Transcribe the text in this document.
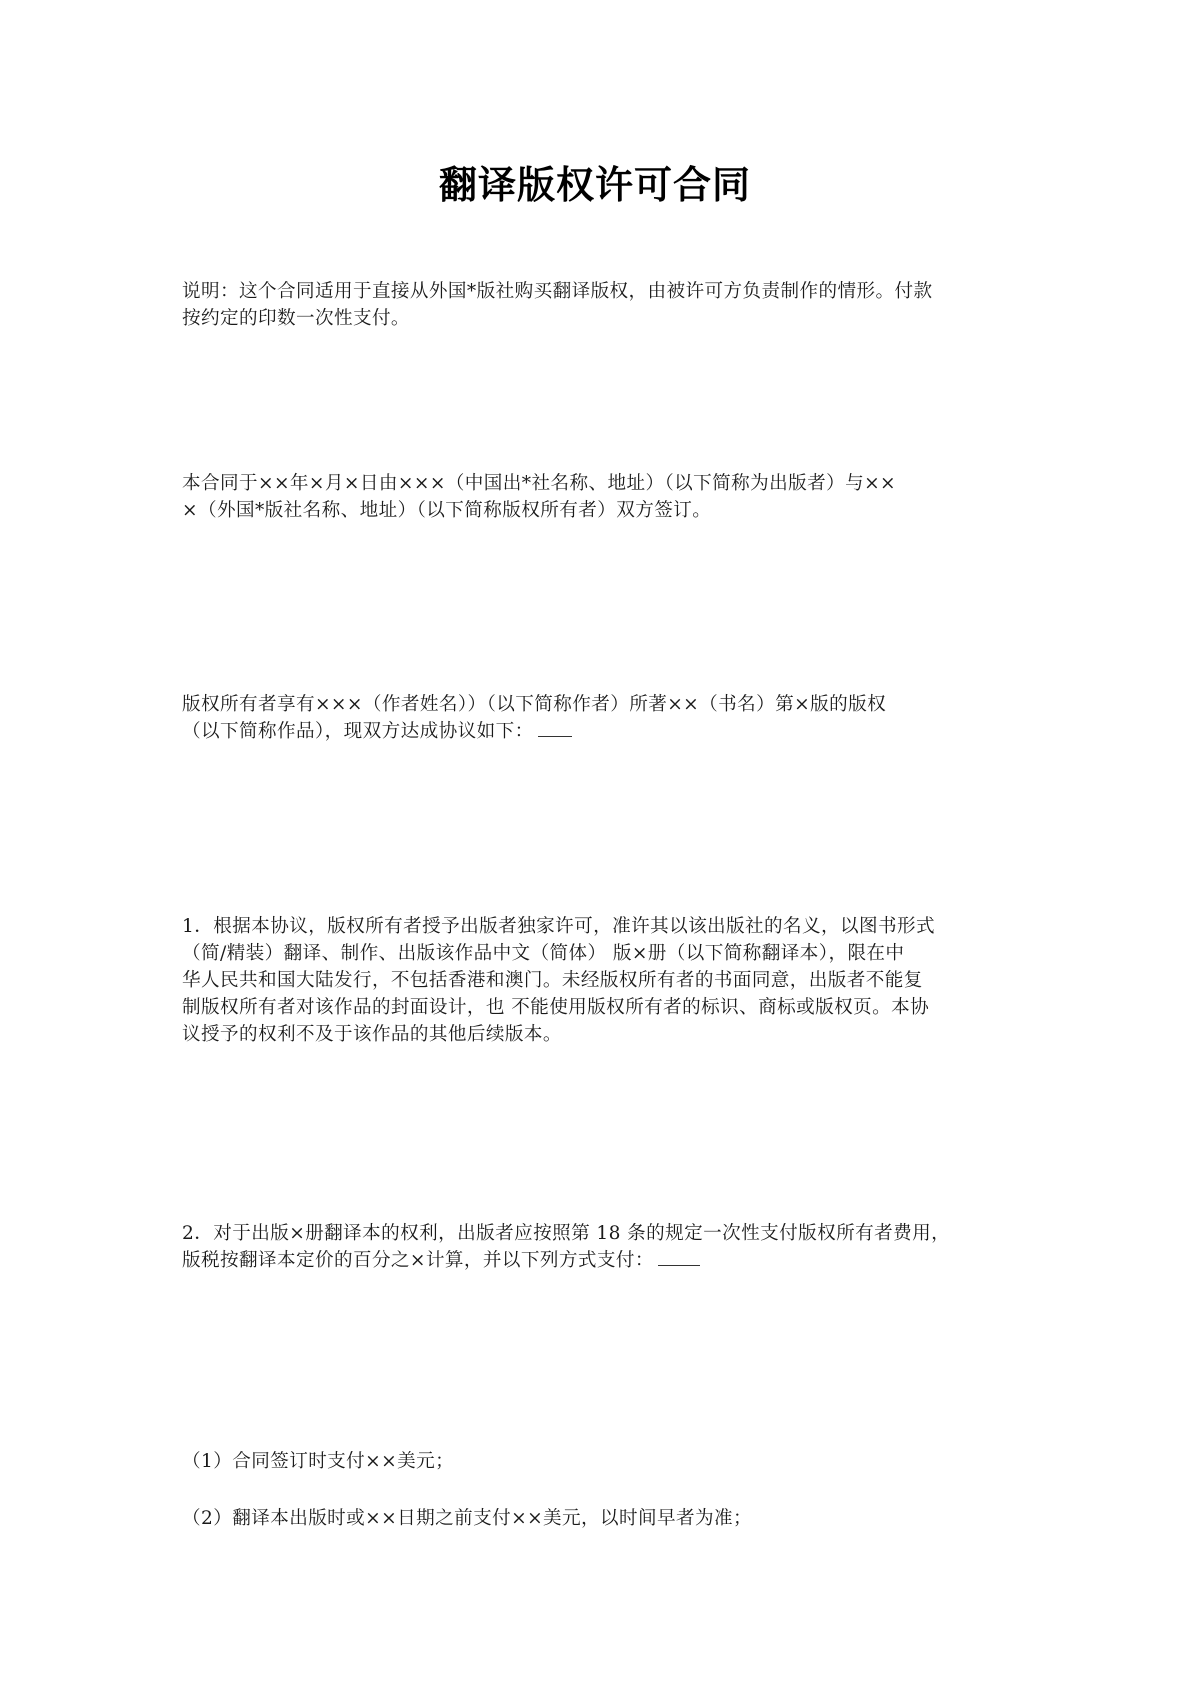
翻译版权许可合同

说明：这个合同适用于直接从外国*版社购买翻译版权，由被许可方负责制作的情形。付款
按约定的印数一次性支付。

本合同于××年×月×日由×××（中国出*社名称、地址）（以下简称为出版者）与××
×（外国*版社名称、地址）（以下简称版权所有者）双方签订。

版权所有者享有×××（作者姓名））（以下简称作者）所著××（书名）第×版的版权
（以下简称作品），现双方达成协议如下：

1．根据本协议，版权所有者授予出版者独家许可，准许其以该出版社的名义，以图书形式
（简/精装）翻译、制作、出版该作品中文（简体） 版×册（以下简称翻译本），限在中
华人民共和国大陆发行，不包括香港和澳门。未经版权所有者的书面同意，出版者不能复
制版权所有者对该作品的封面设计，也 不能使用版权所有者的标识、商标或版权页。本协
议授予的权利不及于该作品的其他后续版本。

2．对于出版×册翻译本的权利，出版者应按照第 18 条的规定一次性支付版权所有者费用，
版税按翻译本定价的百分之×计算，并以下列方式支付：

（1）合同签订时支付××美元；

（2）翻译本出版时或××日期之前支付××美元，以时间早者为准；
